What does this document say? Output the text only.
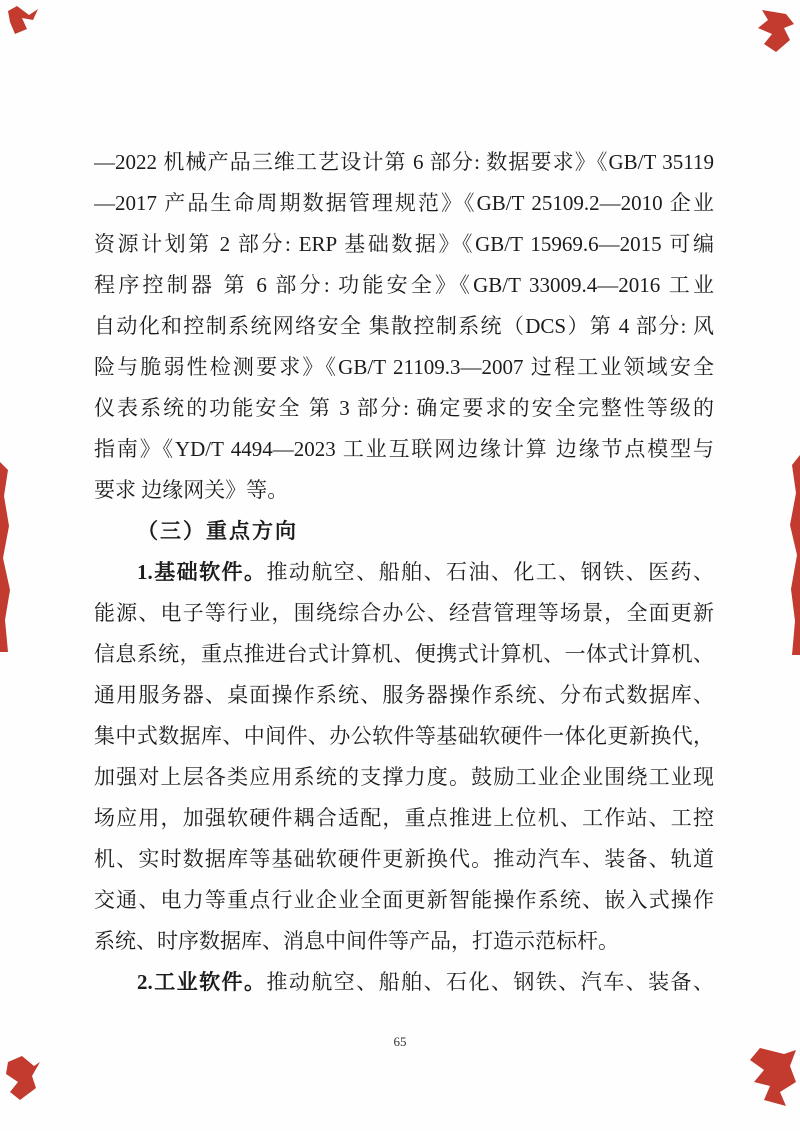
—2022 机械产品三维工艺设计第 6 部分: 数据要求》《GB/T 35119
—2017 产品生命周期数据管理规范》《GB/T 25109.2—2010 企业
资源计划第 2 部分: ERP 基础数据》《GB/T 15969.6—2015 可编
程序控制器 第 6 部分: 功能安全》《GB/T 33009.4—2016 工业
自动化和控制系统网络安全 集散控制系统（DCS）第 4 部分: 风
险与脆弱性检测要求》《GB/T 21109.3—2007 过程工业领域安全
仪表系统的功能安全 第 3 部分: 确定要求的安全完整性等级的
指南》《YD/T 4494—2023 工业互联网边缘计算 边缘节点模型与
要求 边缘网关》等。
（三）重点方向
1.基础软件。推动航空、船舶、石油、化工、钢铁、医药、
能源、电子等行业，围绕综合办公、经营管理等场景，全面更新
信息系统，重点推进台式计算机、便携式计算机、一体式计算机、
通用服务器、桌面操作系统、服务器操作系统、分布式数据库、
集中式数据库、中间件、办公软件等基础软硬件一体化更新换代，
加强对上层各类应用系统的支撑力度。鼓励工业企业围绕工业现
场应用，加强软硬件耦合适配，重点推进上位机、工作站、工控
机、实时数据库等基础软硬件更新换代。推动汽车、装备、轨道
交通、电力等重点行业企业全面更新智能操作系统、嵌入式操作
系统、时序数据库、消息中间件等产品，打造示范标杆。
2.工业软件。推动航空、船舶、石化、钢铁、汽车、装备、
65
